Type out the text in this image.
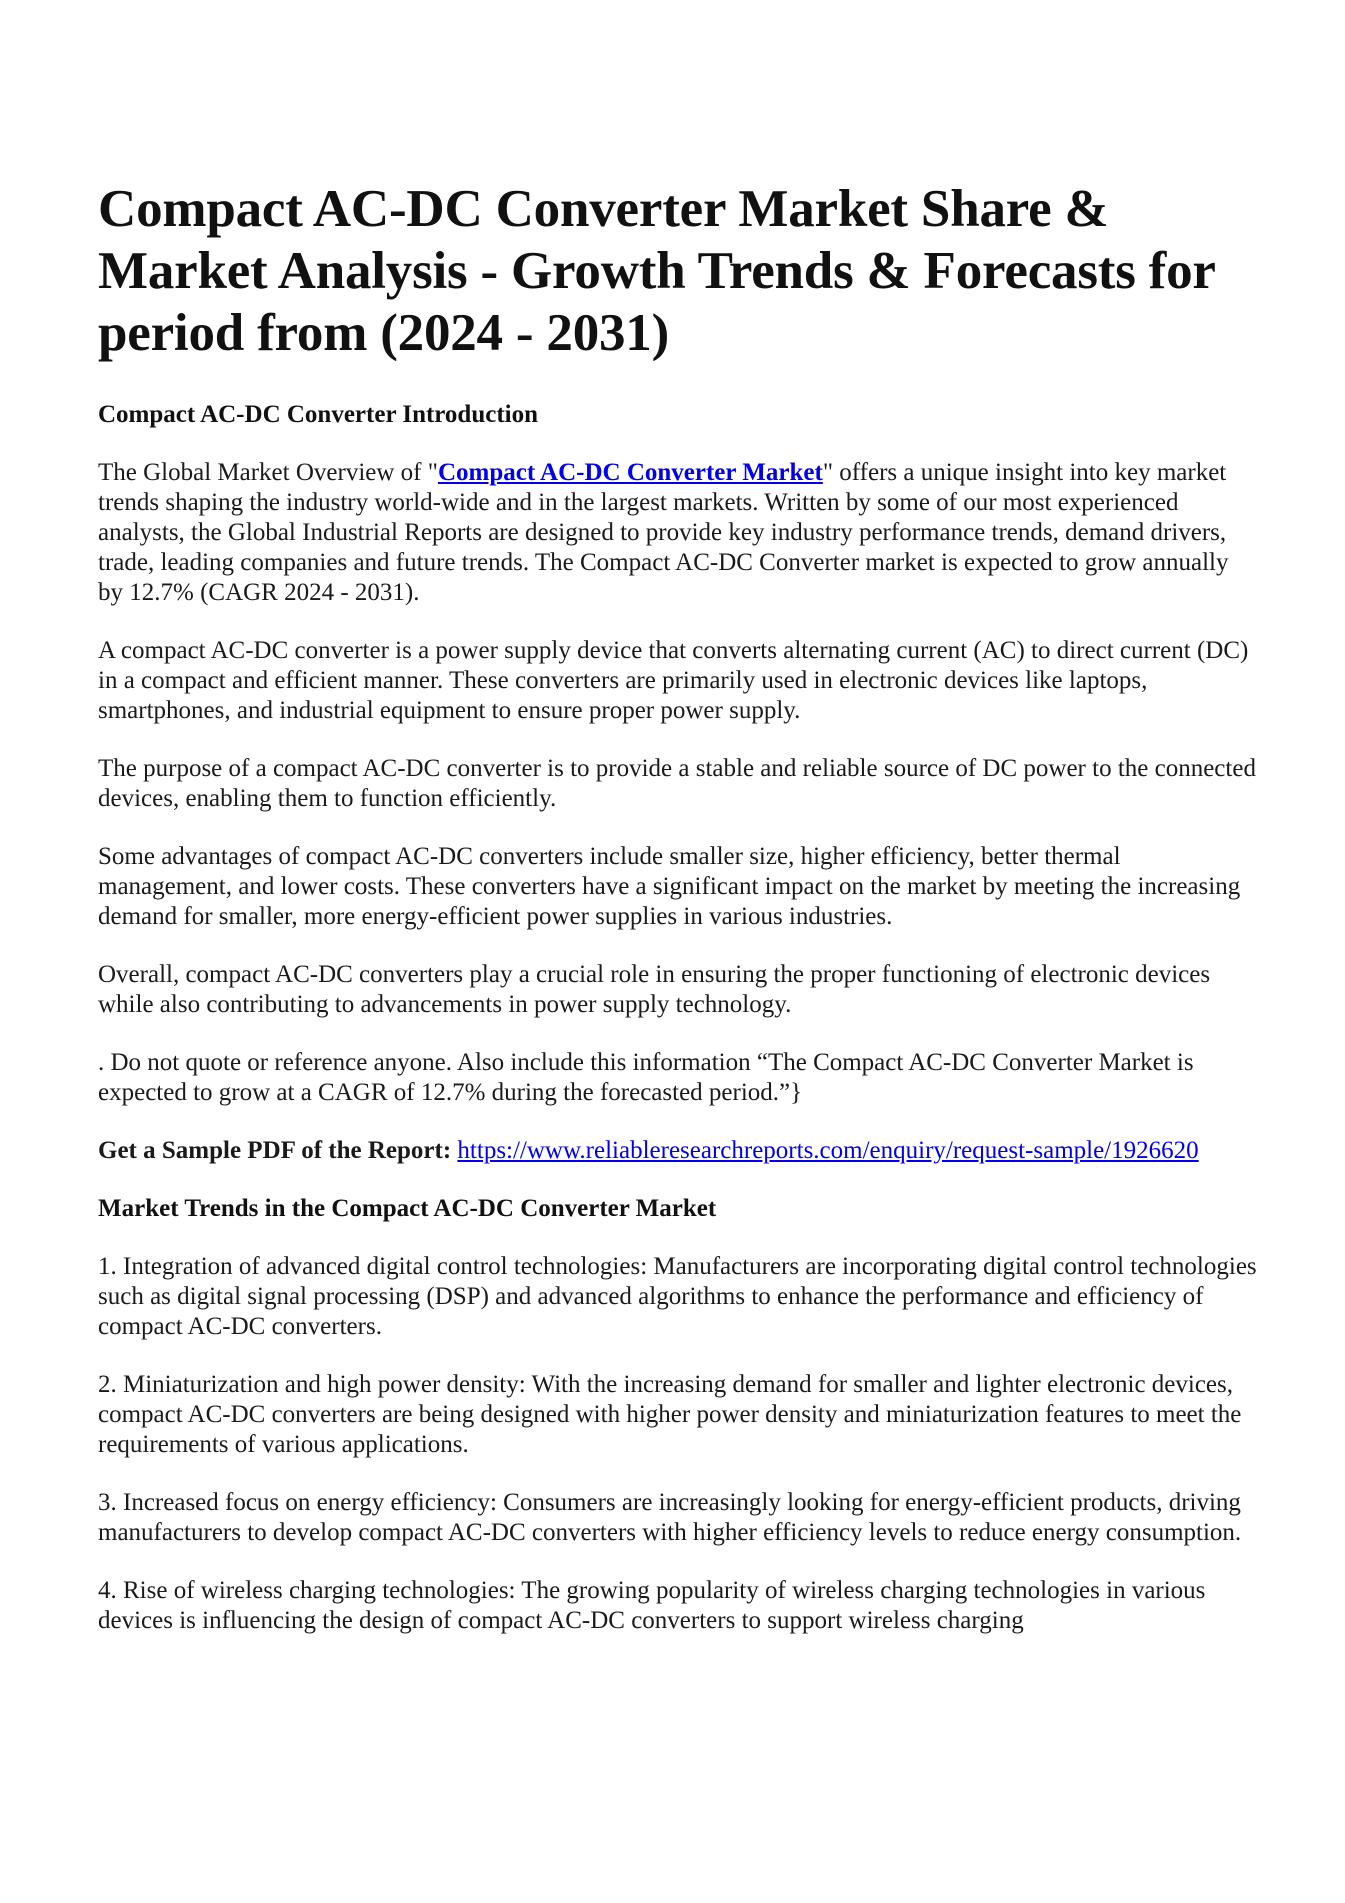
Compact AC-DC Converter Market Share & Market Analysis - Growth Trends & Forecasts for period from (2024 - 2031)
Compact AC-DC Converter Introduction

The Global Market Overview of "Compact AC-DC Converter Market" offers a unique insight into key market trends shaping the industry world-wide and in the largest markets. Written by some of our most experienced analysts, the Global Industrial Reports are designed to provide key industry performance trends, demand drivers, trade, leading companies and future trends. The Compact AC-DC Converter market is expected to grow annually by 12.7% (CAGR 2024 - 2031).

A compact AC-DC converter is a power supply device that converts alternating current (AC) to direct current (DC) in a compact and efficient manner. These converters are primarily used in electronic devices like laptops, smartphones, and industrial equipment to ensure proper power supply.

The purpose of a compact AC-DC converter is to provide a stable and reliable source of DC power to the connected devices, enabling them to function efficiently.

Some advantages of compact AC-DC converters include smaller size, higher efficiency, better thermal management, and lower costs. These converters have a significant impact on the market by meeting the increasing demand for smaller, more energy-efficient power supplies in various industries.

Overall, compact AC-DC converters play a crucial role in ensuring the proper functioning of electronic devices while also contributing to advancements in power supply technology.

. Do not quote or reference anyone. Also include this information “The Compact AC-DC Converter Market is expected to grow at a CAGR of 12.7% during the forecasted period.”}

Get a Sample PDF of the Report: https://www.reliableresearchreports.com/enquiry/request-sample/1926620

Market Trends in the Compact AC-DC Converter Market

1. Integration of advanced digital control technologies: Manufacturers are incorporating digital control technologies such as digital signal processing (DSP) and advanced algorithms to enhance the performance and efficiency of compact AC-DC converters.

2. Miniaturization and high power density: With the increasing demand for smaller and lighter electronic devices, compact AC-DC converters are being designed with higher power density and miniaturization features to meet the requirements of various applications.

3. Increased focus on energy efficiency: Consumers are increasingly looking for energy-efficient products, driving manufacturers to develop compact AC-DC converters with higher efficiency levels to reduce energy consumption.

4. Rise of wireless charging technologies: The growing popularity of wireless charging technologies in various devices is influencing the design of compact AC-DC converters to support wireless charging
